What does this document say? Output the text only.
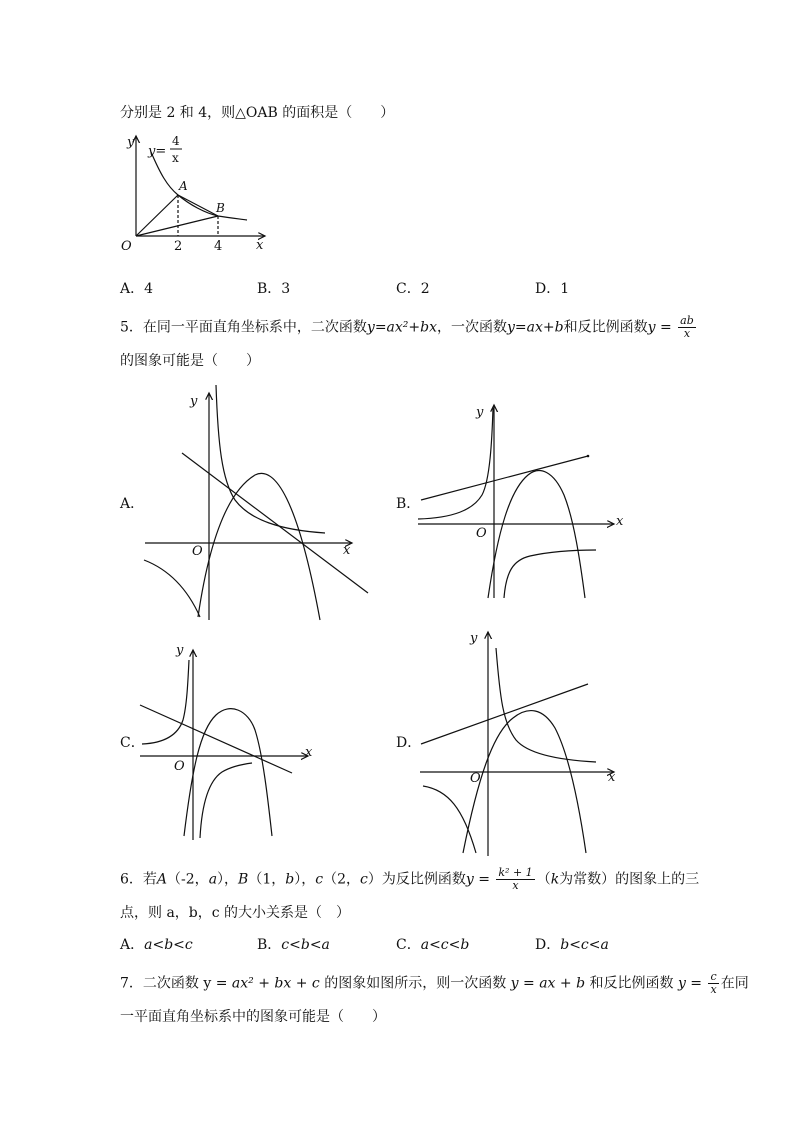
分别是 2 和 4，则△OAB 的面积是（　　）
y
x
O
A
B
2 4
y=
4
x
A．4	B．3	C．2	D．1
5．在同一平面直角坐标系中，二次函数y=ax²+bx，一次函数y=ax+b和反比例函数$y = \frac{ab}{x}$
的图象可能是（　　）
A．	B．
C．	D．
y
x
O
y
x
O
y
x
O
y
x
O
6．若A（-2，a），B（1，b），c（2，c）为反比例函数$y = \frac{\text{k² + 1}}{x} (k$为常数）的图象上的三
点，则 a，b，c 的大小关系是（　）
A．a<b<c	B．c<b<a	C．a<c<b	D．b<c<a
7．二次函数 y = ax² + bx + c 的图象如图所示，则一次函数 y = ax + b 和反比例函数 $y = \frac{c}{x}$ 在同
一平面直角坐标系中的图象可能是（　　）
